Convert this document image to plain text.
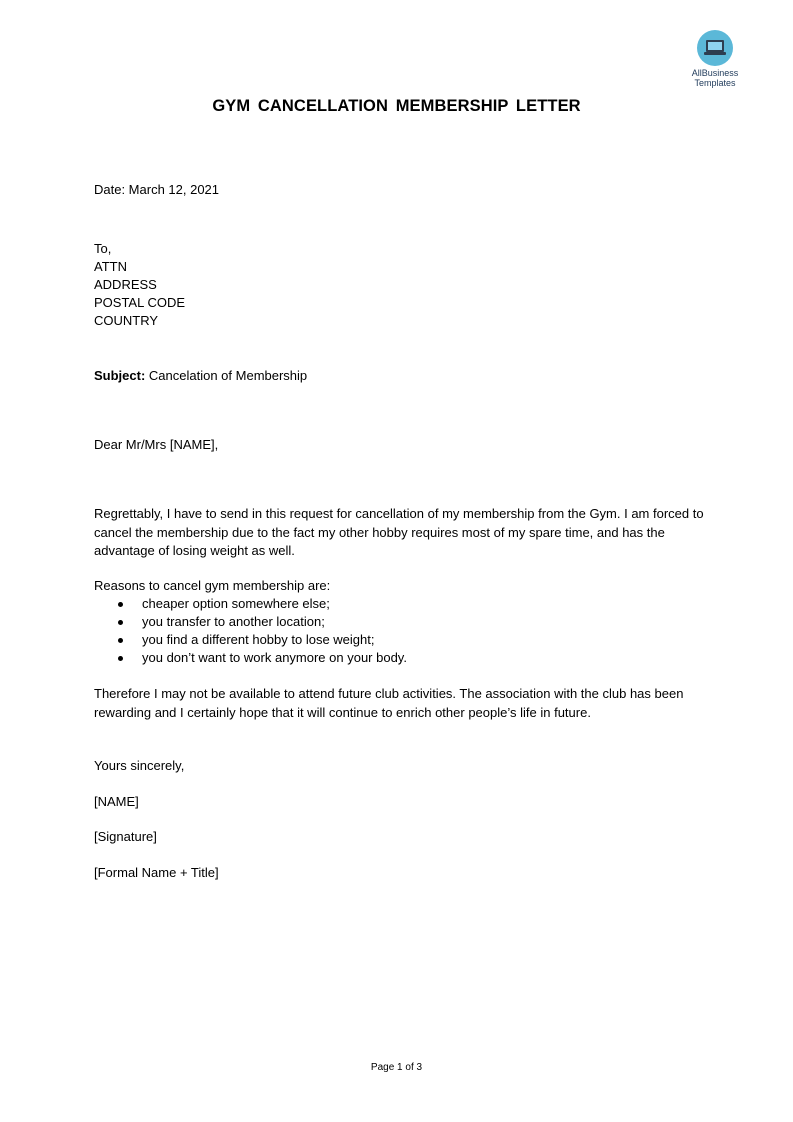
AllBusiness
Templates
GYM CANCELLATION MEMBERSHIP LETTER
Date: March 12, 2021
To,
ATTN
ADDRESS
POSTAL CODE
COUNTRY
Subject: Cancelation of Membership
Dear Mr/Mrs [NAME],
Regrettably, I have to send in this request for cancellation of my membership from the Gym. I am forced to cancel the membership due to the fact my other hobby requires most of my spare time, and has the advantage of losing weight as well.
Reasons to cancel gym membership are:
cheaper option somewhere else;
you transfer to another location;
you find a different hobby to lose weight;
you don’t want to work anymore on your body.
Therefore I may not be available to attend future club activities. The association with the club has been rewarding and I certainly hope that it will continue to enrich other people’s life in future.
Yours sincerely,
[NAME]
[Signature]
[Formal Name + Title]
Page 1 of 3
